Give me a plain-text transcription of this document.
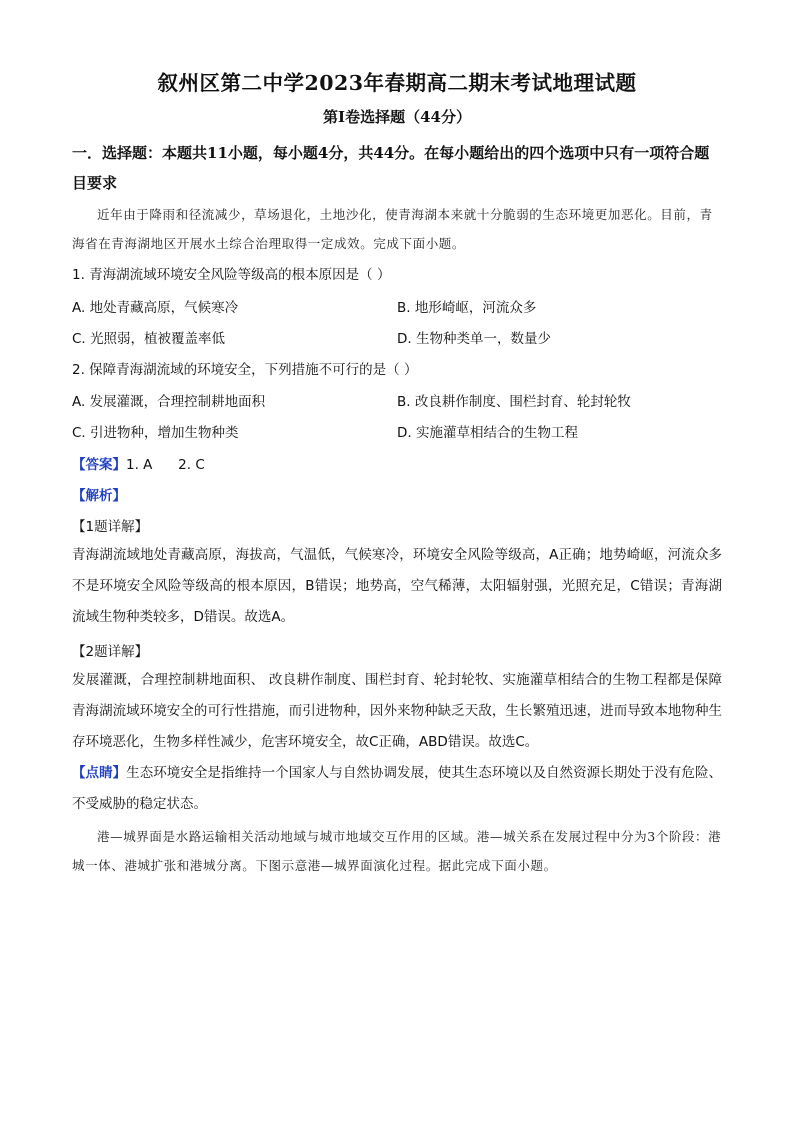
叙州区第二中学2023年春期高二期末考试地理试题
第I卷选择题（44分）
一．选择题：本题共11小题，每小题4分，共44分。在每小题给出的四个选项中只有一项符合题目要求
近年由于降雨和径流减少，草场退化，土地沙化，使青海湖本来就十分脆弱的生态环境更加恶化。目前，青海省在青海湖地区开展水土综合治理取得一定成效。完成下面小题。
1. 青海湖流域环境安全风险等级高的根本原因是（ ）
A. 地处青藏高原，气候寒冷	B. 地形崎岖，河流众多
C. 光照弱，植被覆盖率低	D. 生物种类单一，数量少
2. 保障青海湖流域的环境安全，下列措施不可行的是（ ）
A. 发展灌溉，合理控制耕地面积	B. 改良耕作制度、围栏封育、轮封轮牧
C. 引进物种，增加生物种类	D. 实施灌草相结合的生物工程
【答案】1. A      2. C
【解析】
【1题详解】
青海湖流域地处青藏高原，海拔高，气温低，气候寒冷，环境安全风险等级高，A正确；地势崎岖，河流众多不是环境安全风险等级高的根本原因，B错误；地势高，空气稀薄，太阳辐射强，光照充足，C错误；青海湖流域生物种类较多，D错误。故选A。
【2题详解】
发展灌溉，合理控制耕地面积、 改良耕作制度、围栏封育、轮封轮牧、实施灌草相结合的生物工程都是保障青海湖流域环境安全的可行性措施，而引进物种，因外来物种缺乏天敌，生长繁殖迅速，进而导致本地物种生存环境恶化，生物多样性减少，危害环境安全，故C正确，ABD错误。故选C。
【点睛】生态环境安全是指维持一个国家人与自然协调发展，使其生态环境以及自然资源长期处于没有危险、不受威胁的稳定状态。
港—城界面是水路运输相关活动地域与城市地域交互作用的区域。港—城关系在发展过程中分为3个阶段：港城一体、港城扩张和港城分离。下图示意港—城界面演化过程。据此完成下面小题。
